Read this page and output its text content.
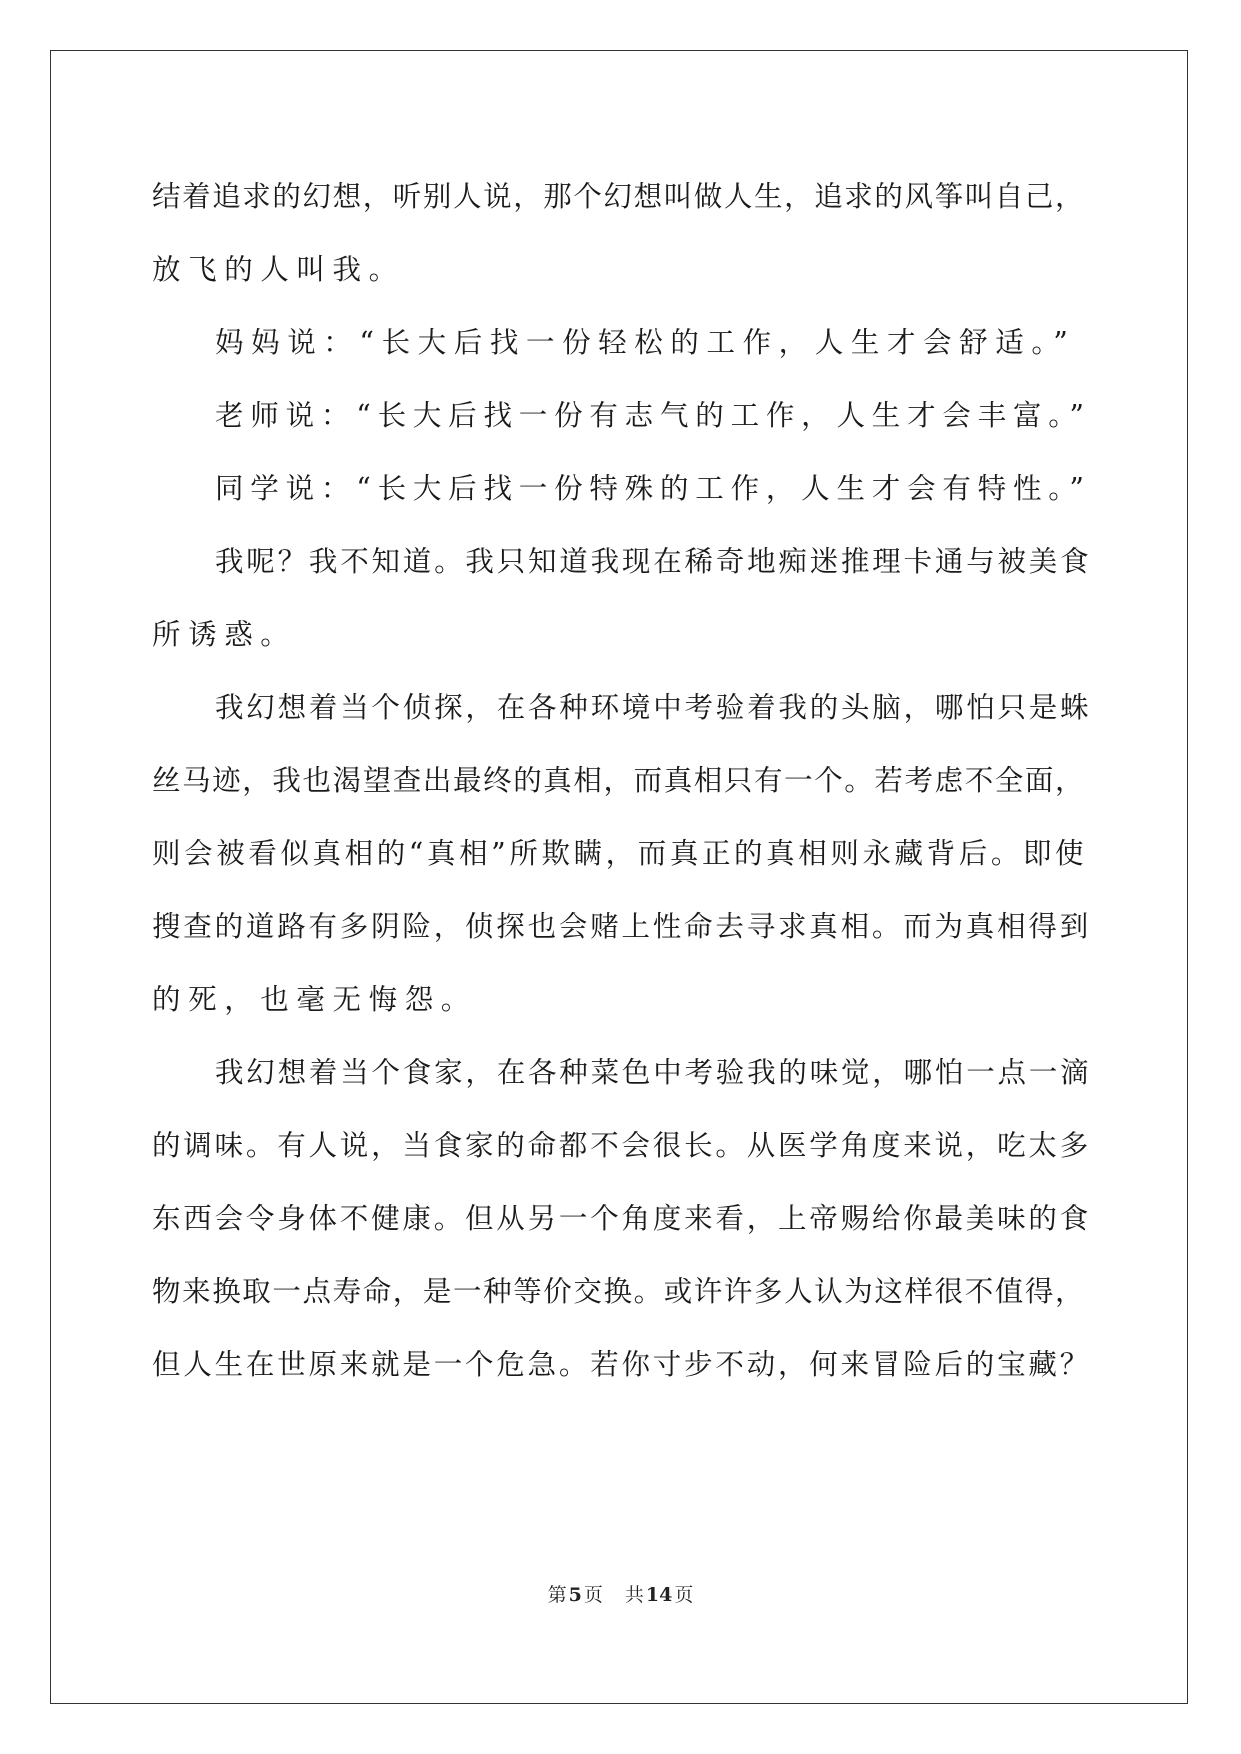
结着追求的幻想，听别人说，那个幻想叫做人生，追求的风筝叫自己，
放飞的人叫我。
妈妈说：“长大后找一份轻松的工作，人生才会舒适。”
老师说：“长大后找一份有志气的工作，人生才会丰富。”
同学说：“长大后找一份特殊的工作，人生才会有特性。”
我呢？我不知道。我只知道我现在稀奇地痴迷推理卡通与被美食
所诱惑。
我幻想着当个侦探，在各种环境中考验着我的头脑，哪怕只是蛛
丝马迹，我也渴望查出最终的真相，而真相只有一个。若考虑不全面，
则会被看似真相的“真相”所欺瞒，而真正的真相则永藏背后。即使
搜查的道路有多阴险，侦探也会赌上性命去寻求真相。而为真相得到
的死，也毫无悔怨。
我幻想着当个食家，在各种菜色中考验我的味觉，哪怕一点一滴
的调味。有人说，当食家的命都不会很长。从医学角度来说，吃太多
东西会令身体不健康。但从另一个角度来看，上帝赐给你最美味的食
物来换取一点寿命，是一种等价交换。或许许多人认为这样很不值得，
但人生在世原来就是一个危急。若你寸步不动，何来冒险后的宝藏？
第 5 页 共 14 页
